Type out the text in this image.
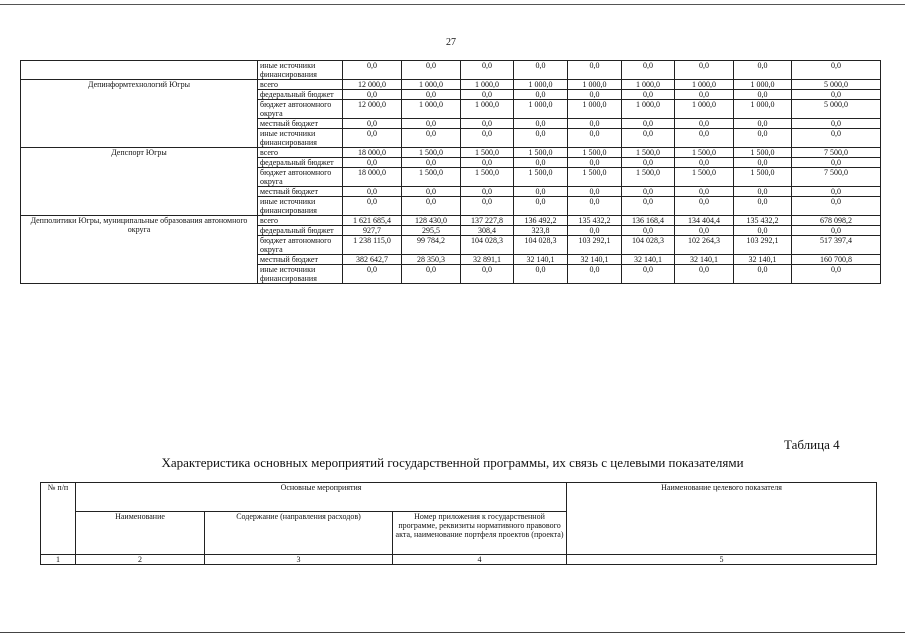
27
	иные источники финансирования	0,0	0,0	0,0	0,0	0,0	0,0	0,0	0,0	0,0
Депинформтехнологий Югры	всего	12 000,0	1 000,0	1 000,0	1 000,0	1 000,0	1 000,0	1 000,0	1 000,0	5 000,0
	федеральный бюджет	0,0	0,0	0,0	0,0	0,0	0,0	0,0	0,0	0,0
	бюджет автономного округа	12 000,0	1 000,0	1 000,0	1 000,0	1 000,0	1 000,0	1 000,0	1 000,0	5 000,0
	местный бюджет	0,0	0,0	0,0	0,0	0,0	0,0	0,0	0,0	0,0
	иные источники финансирования	0,0	0,0	0,0	0,0	0,0	0,0	0,0	0,0	0,0
Депспорт Югры	всего	18 000,0	1 500,0	1 500,0	1 500,0	1 500,0	1 500,0	1 500,0	1 500,0	7 500,0
	федеральный бюджет	0,0	0,0	0,0	0,0	0,0	0,0	0,0	0,0	0,0
	бюджет автономного округа	18 000,0	1 500,0	1 500,0	1 500,0	1 500,0	1 500,0	1 500,0	1 500,0	7 500,0
	местный бюджет	0,0	0,0	0,0	0,0	0,0	0,0	0,0	0,0	0,0
	иные источники финансирования	0,0	0,0	0,0	0,0	0,0	0,0	0,0	0,0	0,0
Депполитики Югры, муниципальные образования автономного округа	всего	1 621 685,4	128 430,0	137 227,8	136 492,2	135 432,2	136 168,4	134 404,4	135 432,2	678 098,2
	федеральный бюджет	927,7	295,5	308,4	323,8	0,0	0,0	0,0	0,0	0,0
	бюджет автономного округа	1 238 115,0	99 784,2	104 028,3	104 028,3	103 292,1	104 028,3	102 264,3	103 292,1	517 397,4
	местный бюджет	382 642,7	28 350,3	32 891,1	32 140,1	32 140,1	32 140,1	32 140,1	32 140,1	160 700,8
	иные источники финансирования	0,0	0,0	0,0	0,0	0,0	0,0	0,0	0,0	0,0
Таблица 4
Характеристика основных мероприятий государственной программы, их связь с целевыми показателями
№ п/п	Основные мероприятия			Наименование целевого показателя
	Наименование	Содержание (направления расходов)	Номер приложения к государственной программе, реквизиты нормативного правового акта, наименование портфеля проектов (проекта)	
1	2	3	4	5
